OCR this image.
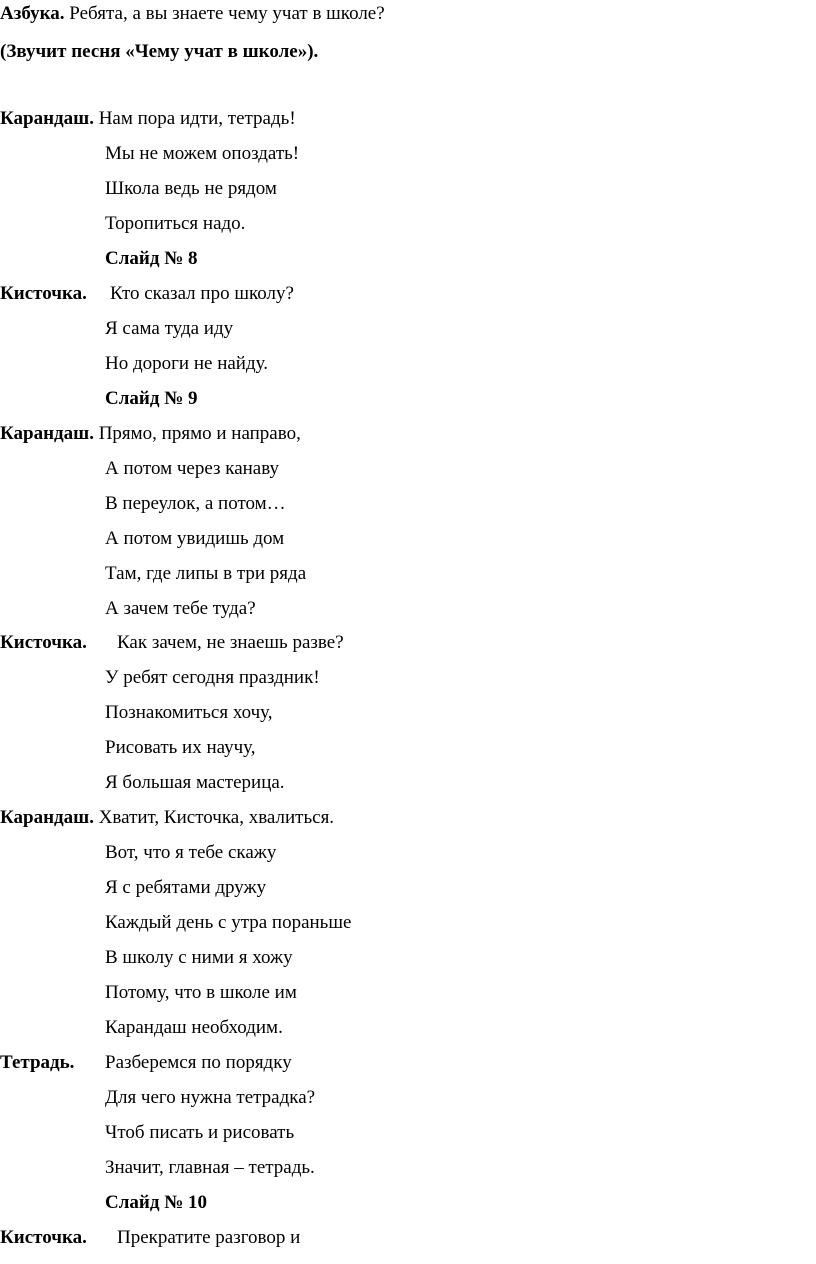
Азбука. Ребята, а вы знаете чему учат в школе?
(Звучит песня «Чему учат в школе»).
Карандаш. Нам пора идти, тетрадь!
Мы не можем опоздать!
Школа ведь не рядом
Торопиться надо.
Слайд № 8
Кисточка. Кто сказал про школу?
Я сама туда иду
Но дороги не найду.
Слайд № 9
Карандаш. Прямо, прямо и направо,
А потом через канаву
В переулок, а потом…
А потом увидишь дом
Там, где липы в три ряда
А зачем тебе туда?
Кисточка. Как зачем, не знаешь разве?
У ребят сегодня праздник!
Познакомиться хочу,
Рисовать их научу,
Я большая мастерица.
Карандаш. Хватит, Кисточка, хвалиться.
Вот, что я тебе скажу
Я с ребятами дружу
Каждый день с утра пораньше
В школу с ними я хожу
Потому, что в школе им
Карандаш необходим.
Тетрадь. Разберемся по порядку
Для чего нужна тетрадка?
Чтоб писать и рисовать
Значит, главная – тетрадь.
Слайд № 10
Кисточка. Прекратите разговор и
